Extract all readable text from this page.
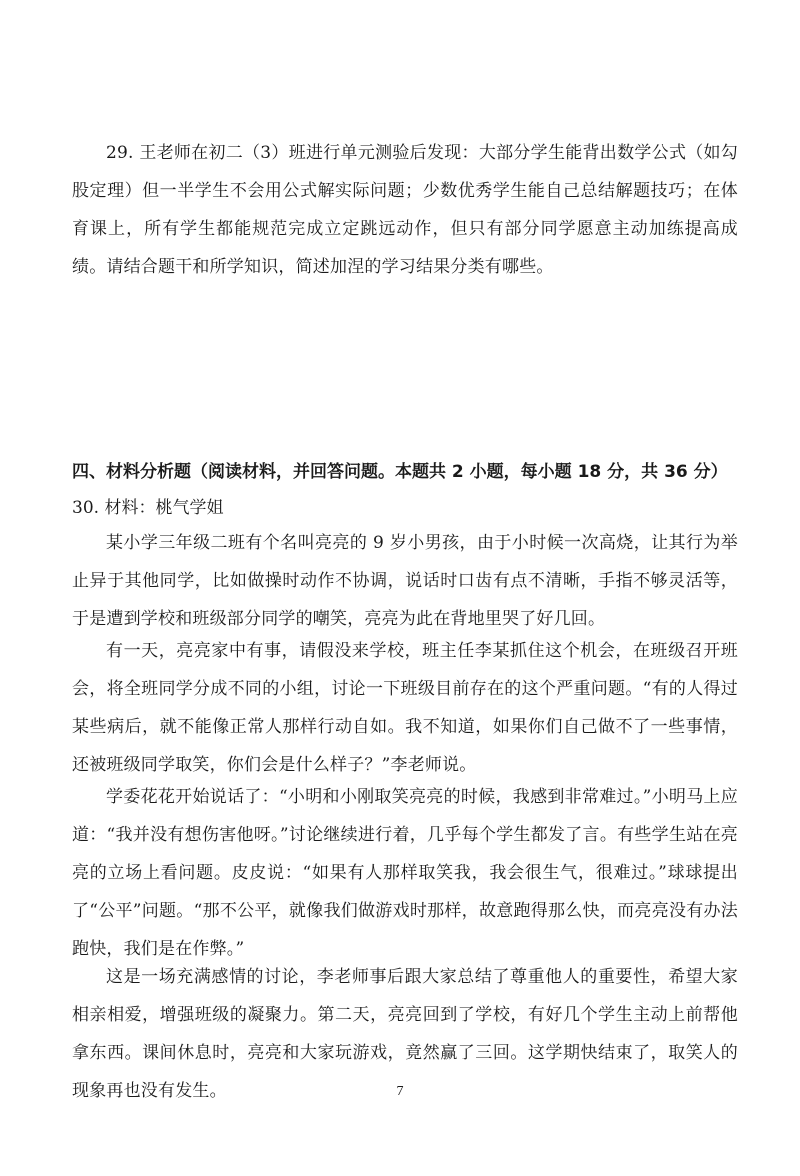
29. 王老师在初二（3）班进行单元测验后发现：大部分学生能背出数学公式（如勾股定理）但一半学生不会用公式解实际问题；少数优秀学生能自己总结解题技巧；在体育课上，所有学生都能规范完成立定跳远动作，但只有部分同学愿意主动加练提高成绩。请结合题干和所学知识，简述加涅的学习结果分类有哪些。

四、材料分析题（阅读材料，并回答问题。本题共 2 小题，每小题 18 分，共 36 分）

30. 材料：桃气学姐

某小学三年级二班有个名叫亮亮的 9 岁小男孩，由于小时候一次高烧，让其行为举止异于其他同学，比如做操时动作不协调，说话时口齿有点不清晰，手指不够灵活等，于是遭到学校和班级部分同学的嘲笑，亮亮为此在背地里哭了好几回。

有一天，亮亮家中有事，请假没来学校，班主任李某抓住这个机会，在班级召开班会，将全班同学分成不同的小组，讨论一下班级目前存在的这个严重问题。“有的人得过某些病后，就不能像正常人那样行动自如。我不知道，如果你们自己做不了一些事情，还被班级同学取笑，你们会是什么样子？”李老师说。

学委花花开始说话了：“小明和小刚取笑亮亮的时候，我感到非常难过。”小明马上应道：“我并没有想伤害他呀。”讨论继续进行着，几乎每个学生都发了言。有些学生站在亮亮的立场上看问题。皮皮说：“如果有人那样取笑我，我会很生气，很难过。”球球提出了“公平”问题。“那不公平，就像我们做游戏时那样，故意跑得那么快，而亮亮没有办法跑快，我们是在作弊。”

这是一场充满感情的讨论，李老师事后跟大家总结了尊重他人的重要性，希望大家相亲相爱，增强班级的凝聚力。第二天，亮亮回到了学校，有好几个学生主动上前帮他拿东西。课间休息时，亮亮和大家玩游戏，竟然赢了三回。这学期快结束了，取笑人的现象再也没有发生。	7
